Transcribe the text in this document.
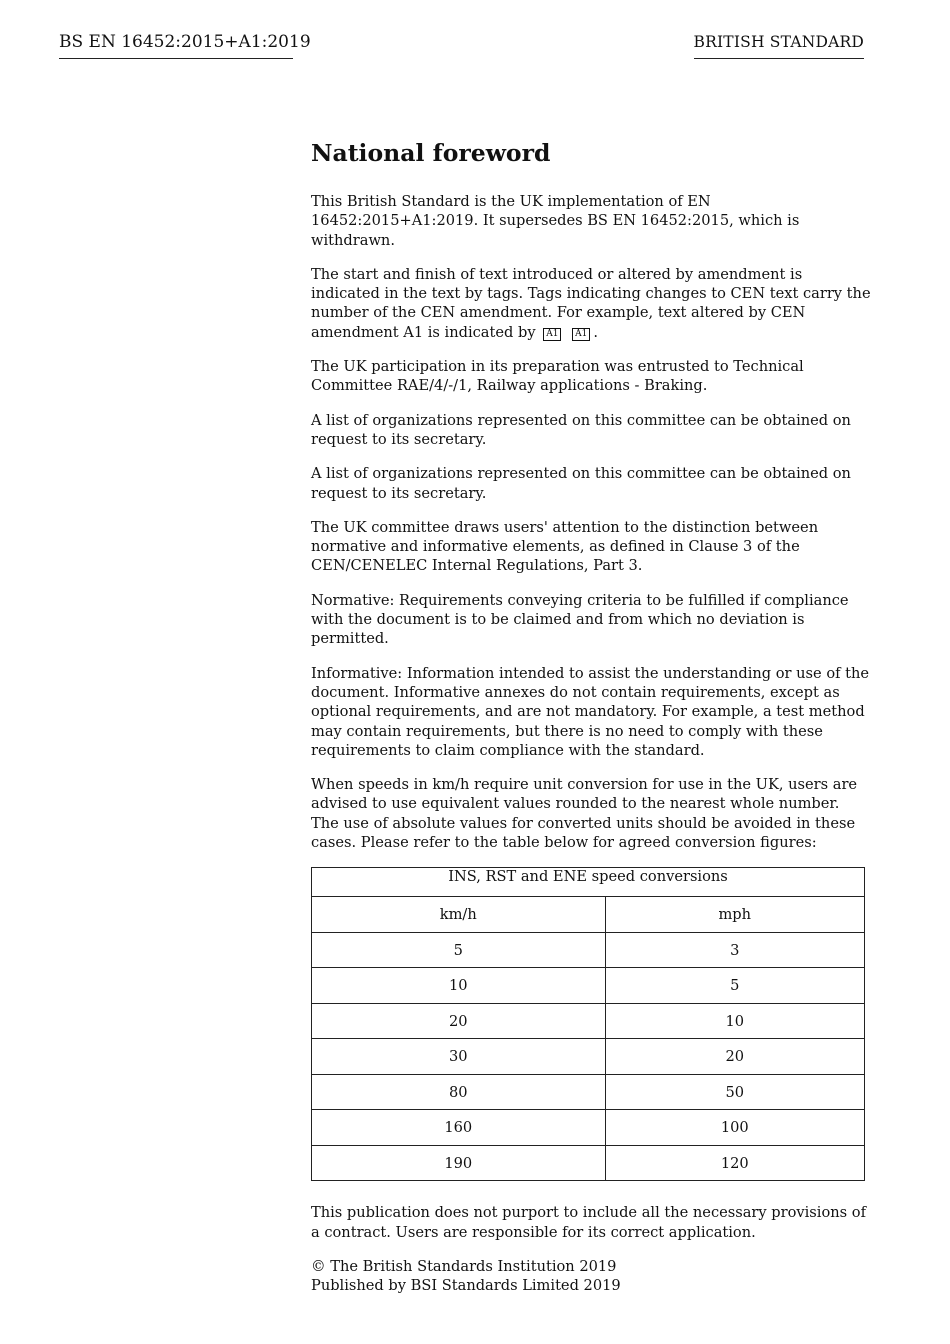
BS EN 16452:2015+A1:2019	BRITISH STANDARD
National foreword

This British Standard is the UK implementation of EN 16452:2015+A1:2019. It supersedes BS EN 16452:2015, which is withdrawn.

The start and finish of text introduced or altered by amendment is indicated in the text by tags. Tags indicating changes to CEN text carry the number of the CEN amendment. For example, text altered by CEN amendment A1 is indicated by A1 A1 .

The UK participation in its preparation was entrusted to Technical Committee RAE/4/-/1, Railway applications - Braking.

A list of organizations represented on this committee can be obtained on request to its secretary.

A list of organizations represented on this committee can be obtained on request to its secretary.

The UK committee draws users' attention to the distinction between normative and informative elements, as defined in Clause 3 of the CEN/CENELEC Internal Regulations, Part 3.

Normative: Requirements conveying criteria to be fulfilled if compliance with the document is to be claimed and from which no deviation is permitted.

Informative: Information intended to assist the understanding or use of the document. Informative annexes do not contain requirements, except as optional requirements, and are not mandatory. For example, a test method may contain requirements, but there is no need to comply with these requirements to claim compliance with the standard.

When speeds in km/h require unit conversion for use in the UK, users are advised to use equivalent values rounded to the nearest whole number. The use of absolute values for converted units should be avoided in these cases. Please refer to the table below for agreed conversion figures:

INS, RST and ENE speed conversions	
km/h	mph
5	3
10	5
20	10
30	20
80	50
160	100
190	120

This publication does not purport to include all the necessary provisions of a contract. Users are responsible for its correct application.

© The British Standards Institution 2019

Published by BSI Standards Limited 2019
